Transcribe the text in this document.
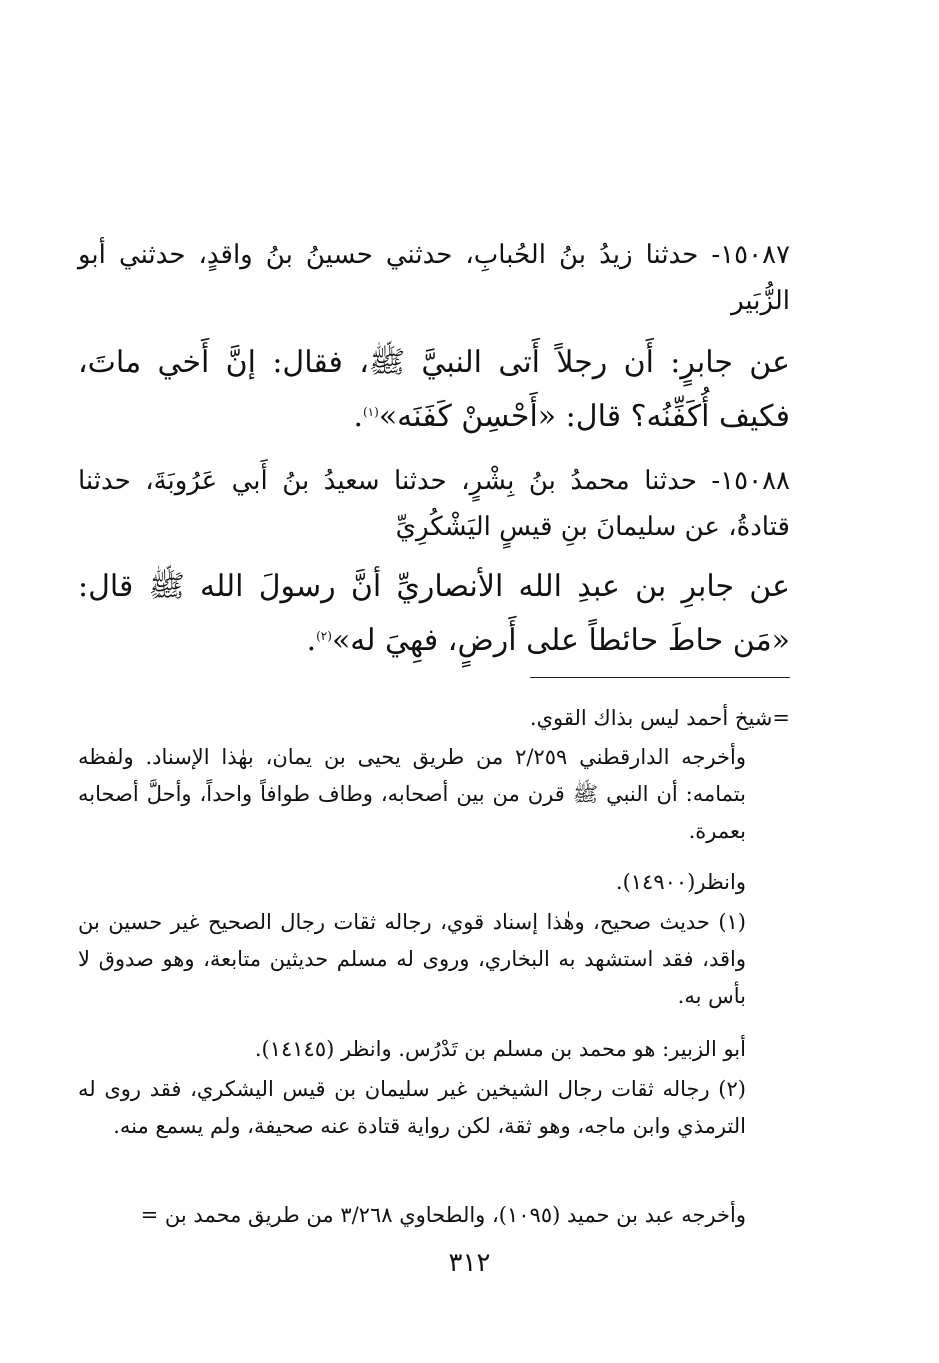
١٥٠٨٧- حدثنا زيدُ بنُ الحُبابِ، حدثني حسينُ بنُ واقدٍ، حدثني أبو الزُّبَير
عن جابرٍ: أَن رجلاً أَتى النبيَّ ﷺ، فقال: إنَّ أَخي ماتَ، فكيف أُكَفِّنُه؟ قال: «أَحْسِنْ كَفَنَه»$^{(١)}$.
١٥٠٨٨- حدثنا محمدُ بنُ بِشْرٍ، حدثنا سعيدُ بنُ أَبي عَرُوبَةَ، حدثنا قتادةُ، عن سليمانَ بنِ قيسٍ اليَشْكُرِيِّ
عن جابرِ بن عبدِ الله الأنصاريِّ أنَّ رسولَ الله ﷺ قال: «مَن حاطَ حائطاً على أَرضٍ، فهِيَ له»$^{(٢)}$.
=شيخ أحمد ليس بذاك القوي.
وأخرجه الدارقطني ٢/٢٥٩ من طريق يحيى بن يمان، بهٰذا الإسناد. ولفظه بتمامه: أن النبي ﷺ قرن من بين أصحابه، وطاف طوافاً واحداً، وأحلَّ أصحابه بعمرة.
وانظر(١٤٩٠٠).
(١) حديث صحيح، وهٰذا إسناد قوي، رجاله ثقات رجال الصحيح غير حسين بن واقد، فقد استشهد به البخاري، وروى له مسلم حديثين متابعة، وهو صدوق لا بأس به.
أبو الزبير: هو محمد بن مسلم بن تَدْرُس. وانظر (١٤١٤٥).
(٢) رجاله ثقات رجال الشيخين غير سليمان بن قيس اليشكري، فقد روى له الترمذي وابن ماجه، وهو ثقة، لكن رواية قتادة عنه صحيفة، ولم يسمع منه.
وأخرجه عبد بن حميد (١٠٩٥)، والطحاوي ٣/٢٦٨ من طريق محمد بن =
٣١٢
